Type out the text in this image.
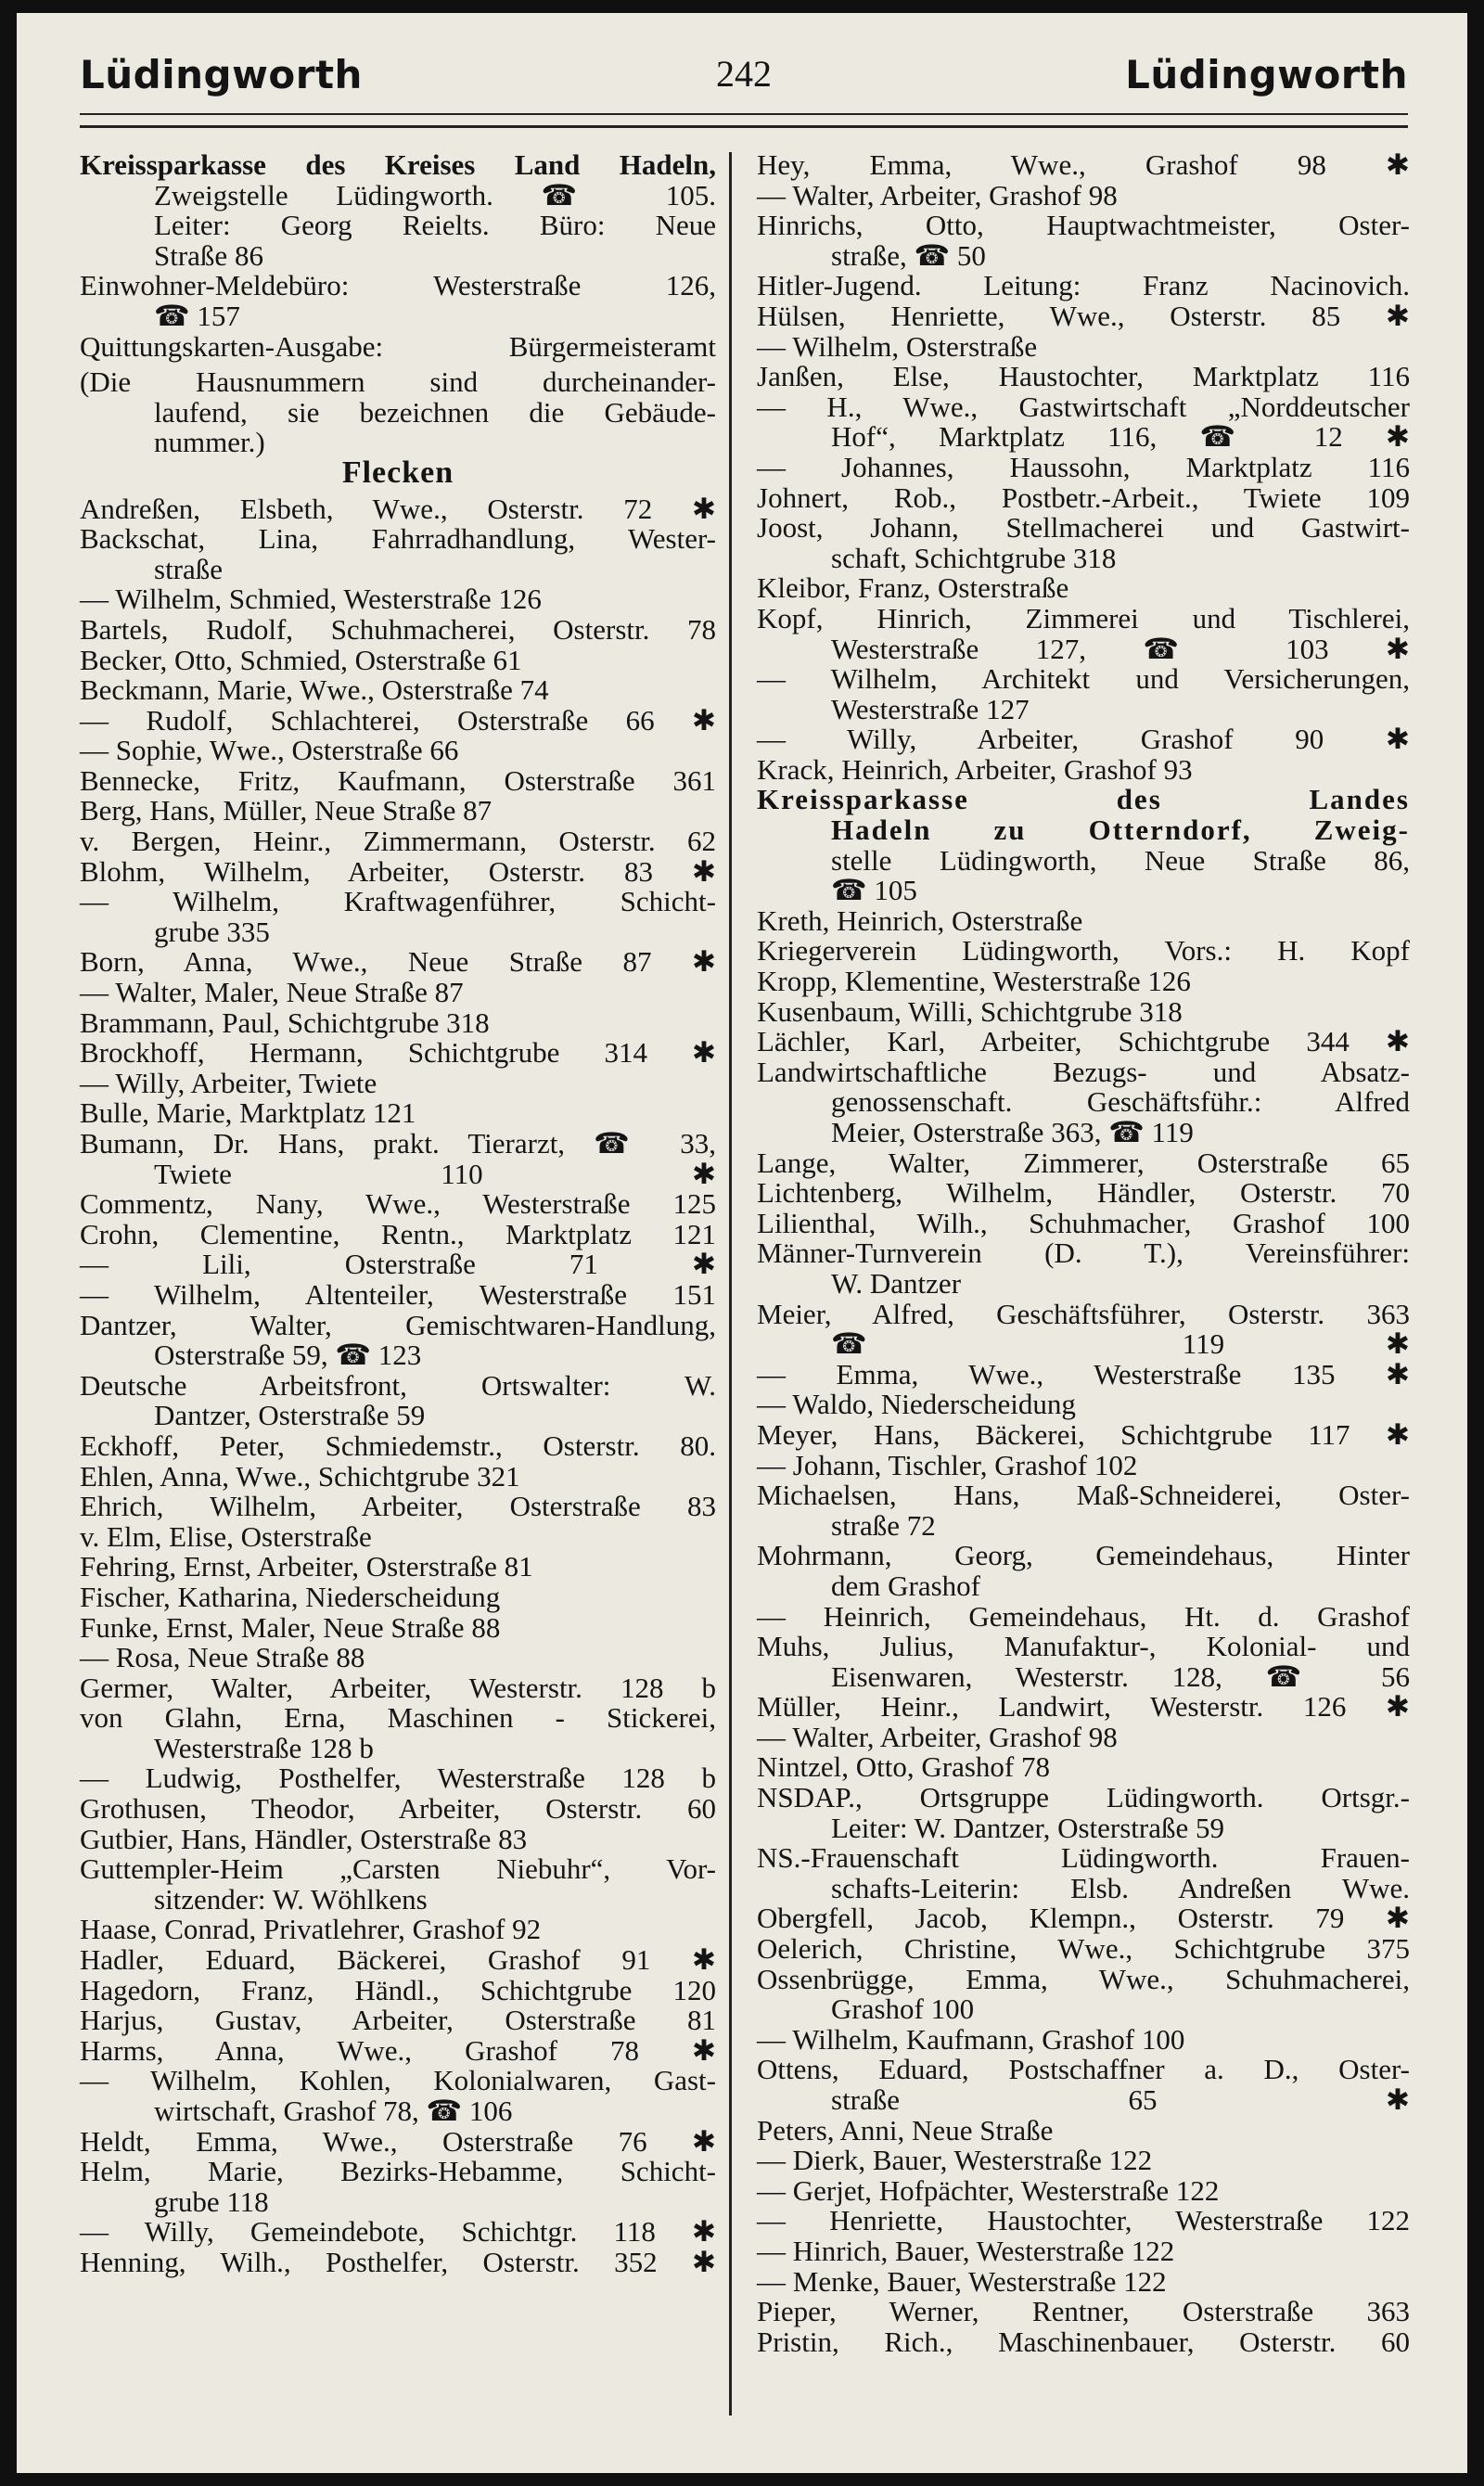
Lüdingworth	242	Lüdingworth
Kreissparkasse des Kreises Land Hadeln,
Zweigstelle Lüdingworth. ☎ 105.
Leiter: Georg Reielts. Büro: Neue
Straße 86
Einwohner-Meldebüro: Westerstraße 126,
☎ 157
Quittungskarten-Ausgabe: Bürgermeisteramt
(Die Hausnummern sind durcheinander-
laufend, sie bezeichnen die Gebäude-
nummer.)
Flecken
Andreßen, Elsbeth, Wwe., Osterstr. 72 ✱
Backschat, Lina, Fahrradhandlung, Wester-
straße
— Wilhelm, Schmied, Westerstraße 126
Bartels, Rudolf, Schuhmacherei, Osterstr. 78
Becker, Otto, Schmied, Osterstraße 61
Beckmann, Marie, Wwe., Osterstraße 74
— Rudolf, Schlachterei, Osterstraße 66 ✱
— Sophie, Wwe., Osterstraße 66
Bennecke, Fritz, Kaufmann, Osterstraße 361
Berg, Hans, Müller, Neue Straße 87
v. Bergen, Heinr., Zimmermann, Osterstr. 62
Blohm, Wilhelm, Arbeiter, Osterstr. 83 ✱
— Wilhelm, Kraftwagenführer, Schicht-
grube 335
Born, Anna, Wwe., Neue Straße 87 ✱
— Walter, Maler, Neue Straße 87
Brammann, Paul, Schichtgrube 318
Brockhoff, Hermann, Schichtgrube 314 ✱
— Willy, Arbeiter, Twiete
Bulle, Marie, Marktplatz 121
Bumann, Dr. Hans, prakt. Tierarzt, ☎ 33,
Twiete 110 ✱
Commentz, Nany, Wwe., Westerstraße 125
Crohn, Clementine, Rentn., Marktplatz 121
— Lili, Osterstraße 71 ✱
— Wilhelm, Altenteiler, Westerstraße 151
Dantzer, Walter, Gemischtwaren-Handlung,
Osterstraße 59, ☎ 123
Deutsche Arbeitsfront, Ortswalter: W.
Dantzer, Osterstraße 59
Eckhoff, Peter, Schmiedemstr., Osterstr. 80.
Ehlen, Anna, Wwe., Schichtgrube 321
Ehrich, Wilhelm, Arbeiter, Osterstraße 83
v. Elm, Elise, Osterstraße
Fehring, Ernst, Arbeiter, Osterstraße 81
Fischer, Katharina, Niederscheidung
Funke, Ernst, Maler, Neue Straße 88
— Rosa, Neue Straße 88
Germer, Walter, Arbeiter, Westerstr. 128 b
von Glahn, Erna, Maschinen - Stickerei,
Westerstraße 128 b
— Ludwig, Posthelfer, Westerstraße 128 b
Grothusen, Theodor, Arbeiter, Osterstr. 60
Gutbier, Hans, Händler, Osterstraße 83
Guttempler-Heim „Carsten Niebuhr“, Vor-
sitzender: W. Wöhlkens
Haase, Conrad, Privatlehrer, Grashof 92
Hadler, Eduard, Bäckerei, Grashof 91 ✱
Hagedorn, Franz, Händl., Schichtgrube 120
Harjus, Gustav, Arbeiter, Osterstraße 81
Harms, Anna, Wwe., Grashof 78 ✱
— Wilhelm, Kohlen, Kolonialwaren, Gast-
wirtschaft, Grashof 78, ☎ 106
Heldt, Emma, Wwe., Osterstraße 76 ✱
Helm, Marie, Bezirks-Hebamme, Schicht-
grube 118
— Willy, Gemeindebote, Schichtgr. 118 ✱
Henning, Wilh., Posthelfer, Osterstr. 352 ✱
Hey, Emma, Wwe., Grashof 98 ✱
— Walter, Arbeiter, Grashof 98
Hinrichs, Otto, Hauptwachtmeister, Oster-
straße, ☎ 50
Hitler-Jugend. Leitung: Franz Nacinovich.
Hülsen, Henriette, Wwe., Osterstr. 85 ✱
— Wilhelm, Osterstraße
Janßen, Else, Haustochter, Marktplatz 116
— H., Wwe., Gastwirtschaft „Norddeutscher
Hof“, Marktplatz 116, ☎ 12 ✱
— Johannes, Haussohn, Marktplatz 116
Johnert, Rob., Postbetr.-Arbeit., Twiete 109
Joost, Johann, Stellmacherei und Gastwirt-
schaft, Schichtgrube 318
Kleibor, Franz, Osterstraße
Kopf, Hinrich, Zimmerei und Tischlerei,
Westerstraße 127, ☎ 103 ✱
— Wilhelm, Architekt und Versicherungen,
Westerstraße 127
— Willy, Arbeiter, Grashof 90 ✱
Krack, Heinrich, Arbeiter, Grashof 93
Kreissparkasse des Landes
Hadeln zu Otterndorf, Zweig-
stelle Lüdingworth, Neue Straße 86,
☎ 105
Kreth, Heinrich, Osterstraße
Kriegerverein Lüdingworth, Vors.: H. Kopf
Kropp, Klementine, Westerstraße 126
Kusenbaum, Willi, Schichtgrube 318
Lächler, Karl, Arbeiter, Schichtgrube 344 ✱
Landwirtschaftliche Bezugs- und Absatz-
genossenschaft. Geschäftsführ.: Alfred
Meier, Osterstraße 363, ☎ 119
Lange, Walter, Zimmerer, Osterstraße 65
Lichtenberg, Wilhelm, Händler, Osterstr. 70
Lilienthal, Wilh., Schuhmacher, Grashof 100
Männer-Turnverein (D. T.), Vereinsführer:
W. Dantzer
Meier, Alfred, Geschäftsführer, Osterstr. 363
☎ 119 ✱
— Emma, Wwe., Westerstraße 135 ✱
— Waldo, Niederscheidung
Meyer, Hans, Bäckerei, Schichtgrube 117 ✱
— Johann, Tischler, Grashof 102
Michaelsen, Hans, Maß-Schneiderei, Oster-
straße 72
Mohrmann, Georg, Gemeindehaus, Hinter
dem Grashof
— Heinrich, Gemeindehaus, Ht. d. Grashof
Muhs, Julius, Manufaktur-, Kolonial- und
Eisenwaren, Westerstr. 128, ☎ 56
Müller, Heinr., Landwirt, Westerstr. 126 ✱
— Walter, Arbeiter, Grashof 98
Nintzel, Otto, Grashof 78
NSDAP., Ortsgruppe Lüdingworth. Ortsgr.-
Leiter: W. Dantzer, Osterstraße 59
NS.-Frauenschaft Lüdingworth. Frauen-
schafts-Leiterin: Elsb. Andreßen Wwe.
Obergfell, Jacob, Klempn., Osterstr. 79 ✱
Oelerich, Christine, Wwe., Schichtgrube 375
Ossenbrügge, Emma, Wwe., Schuhmacherei,
Grashof 100
— Wilhelm, Kaufmann, Grashof 100
Ottens, Eduard, Postschaffner a. D., Oster-
straße 65 ✱
Peters, Anni, Neue Straße
— Dierk, Bauer, Westerstraße 122
— Gerjet, Hofpächter, Westerstraße 122
— Henriette, Haustochter, Westerstraße 122
— Hinrich, Bauer, Westerstraße 122
— Menke, Bauer, Westerstraße 122
Pieper, Werner, Rentner, Osterstraße 363
Pristin, Rich., Maschinenbauer, Osterstr. 60
